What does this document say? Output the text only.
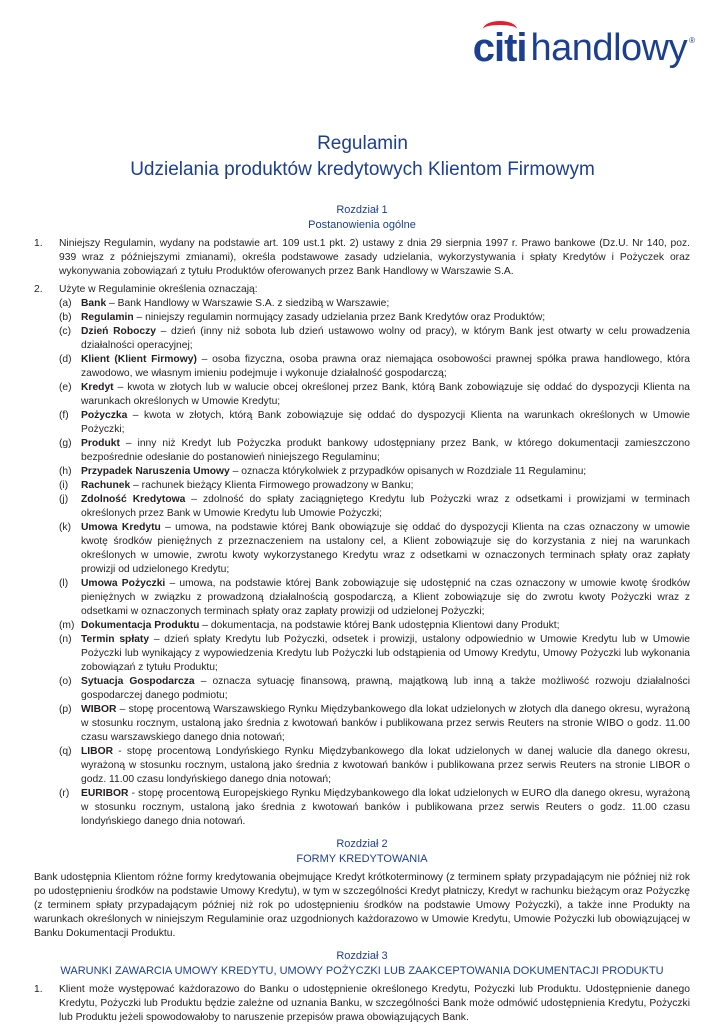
citi handlowy ®
Regulamin
Udzielania produktów kredytowych Klientom Firmowym
Rozdział 1
Postanowienia ogólne
1.	Niniejszy Regulamin, wydany na podstawie art. 109 ust.1 pkt. 2) ustawy z dnia 29 sierpnia 1997 r. Prawo bankowe (Dz.U. Nr 140, poz. 939 wraz z późniejszymi zmianami), określa podstawowe zasady udzielania, wykorzystywania i spłaty Kredytów i Pożyczek oraz wykonywania zobowiązań z tytułu Produktów oferowanych przez Bank Handlowy w Warszawie S.A.
2.	Użyte w Regulaminie określenia oznaczają:
(a) Bank – Bank Handlowy w Warszawie S.A. z siedzibą w Warszawie;
(b) Regulamin – niniejszy regulamin normujący zasady udzielania przez Bank Kredytów oraz Produktów;
(c) Dzień Roboczy – dzień (inny niż sobota lub dzień ustawowo wolny od pracy), w którym Bank jest otwarty w celu prowadzenia działalności operacyjnej;
(d) Klient (Klient Firmowy) – osoba fizyczna, osoba prawna oraz niemająca osobowości prawnej spółka prawa handlowego, która zawodowo, we własnym imieniu podejmuje i wykonuje działalność gospodarczą;
(e) Kredyt – kwota w złotych lub w walucie obcej określonej przez Bank, którą Bank zobowiązuje się oddać do dyspozycji Klienta na warunkach określonych w Umowie Kredytu;
(f)	Pożyczka – kwota w złotych, którą Bank zobowiązuje się oddać do dyspozycji Klienta na warunkach określonych w Umowie Pożyczki;
(g) Produkt – inny niż Kredyt lub Pożyczka produkt bankowy udostępniany przez Bank, w którego dokumentacji zamieszczono bezpośrednie odesłanie do postanowień niniejszego Regulaminu;
(h) Przypadek Naruszenia Umowy – oznacza którykolwiek z przypadków opisanych w Rozdziale 11 Regulaminu;
(i)	Rachunek – rachunek bieżący Klienta Firmowego prowadzony w Banku;
(j)	Zdolność Kredytowa – zdolność do spłaty zaciągniętego Kredytu lub Pożyczki wraz z odsetkami i prowizjami w terminach określonych przez Bank w Umowie Kredytu lub Umowie Pożyczki;
(k) Umowa Kredytu – umowa, na podstawie której Bank obowiązuje się oddać do dyspozycji Klienta na czas oznaczony w umowie kwotę środków pieniężnych z przeznaczeniem na ustalony cel, a Klient zobowiązuje się do korzystania z niej na warunkach określonych w umowie, zwrotu kwoty wykorzystanego Kredytu wraz z odsetkami w oznaczonych terminach spłaty oraz zapłaty prowizji od udzielonego Kredytu;
(l)	Umowa Pożyczki – umowa, na podstawie której Bank zobowiązuje się udostępnić na czas oznaczony w umowie kwotę środków pieniężnych w związku z prowadzoną działalnością gospodarczą, a Klient zobowiązuje się do zwrotu kwoty Pożyczki wraz z odsetkami w oznaczonych terminach spłaty oraz zapłaty prowizji od udzielonej Pożyczki;
(m) Dokumentacja Produktu – dokumentacja, na podstawie której Bank udostępnia Klientowi dany Produkt;
(n) Termin spłaty – dzień spłaty Kredytu lub Pożyczki, odsetek i prowizji, ustalony odpowiednio w Umowie Kredytu lub w Umowie Pożyczki lub wynikający z wypowiedzenia Kredytu lub Pożyczki lub odstąpienia od Umowy Kredytu, Umowy Pożyczki lub wykonania zobowiązań z tytułu Produktu;
(o) Sytuacja Gospodarcza – oznacza sytuację finansową, prawną, majątkową lub inną a także możliwość rozwoju działalności gospodarczej danego podmiotu;
(p) WIBOR – stopę procentową Warszawskiego Rynku Międzybankowego dla lokat udzielonych w złotych dla danego okresu, wyrażoną w stosunku rocznym, ustaloną jako średnia z kwotowań banków i publikowana przez serwis Reuters na stronie WIBO o godz. 11.00 czasu warszawskiego danego dnia notowań;
(q) LIBOR - stopę procentową Londyńskiego Rynku Międzybankowego dla lokat udzielonych w danej walucie dla danego okresu, wyrażoną w stosunku rocznym, ustaloną jako średnia z kwotowań banków i publikowana przez serwis Reuters na stronie LIBOR o godz. 11.00 czasu londyńskiego danego dnia notowań;
(r)	EURIBOR - stopę procentową Europejskiego Rynku Międzybankowego dla lokat udzielonych w EURO dla danego okresu, wyrażoną w stosunku rocznym, ustaloną jako średnia z kwotowań banków i publikowana przez serwis Reuters o godz. 11.00 czasu londyńskiego danego dnia notowań.
Rozdział 2
FORMY KREDYTOWANIA
Bank udostępnia Klientom różne formy kredytowania obejmujące Kredyt krótkoterminowy (z terminem spłaty przypadającym nie później niż rok po udostępnieniu środków na podstawie Umowy Kredytu), w tym w szczególności Kredyt płatniczy, Kredyt w rachunku bieżącym oraz Pożyczkę (z terminem spłaty przypadającym później niż rok po udostępnieniu środków na podstawie Umowy Pożyczki), a także inne Produkty na warunkach określonych w niniejszym Regulaminie oraz uzgodnionych każdorazowo w Umowie Kredytu, Umowie Pożyczki lub obowiązującej w Banku Dokumentacji Produktu.
Rozdział 3
WARUNKI ZAWARCIA UMOWY KREDYTU, UMOWY POŻYCZKI LUB ZAAKCEPTOWANIA DOKUMENTACJI PRODUKTU
1.	Klient może występować każdorazowo do Banku o udostępnienie określonego Kredytu, Pożyczki lub Produktu. Udostępnienie danego Kredytu, Pożyczki lub Produktu będzie zależne od uznania Banku, w szczególności Bank może odmówić udostępnienia Kredytu, Pożyczki lub Produktu jeżeli spowodowałoby to naruszenie przepisów prawa obowiązujących Bank.
